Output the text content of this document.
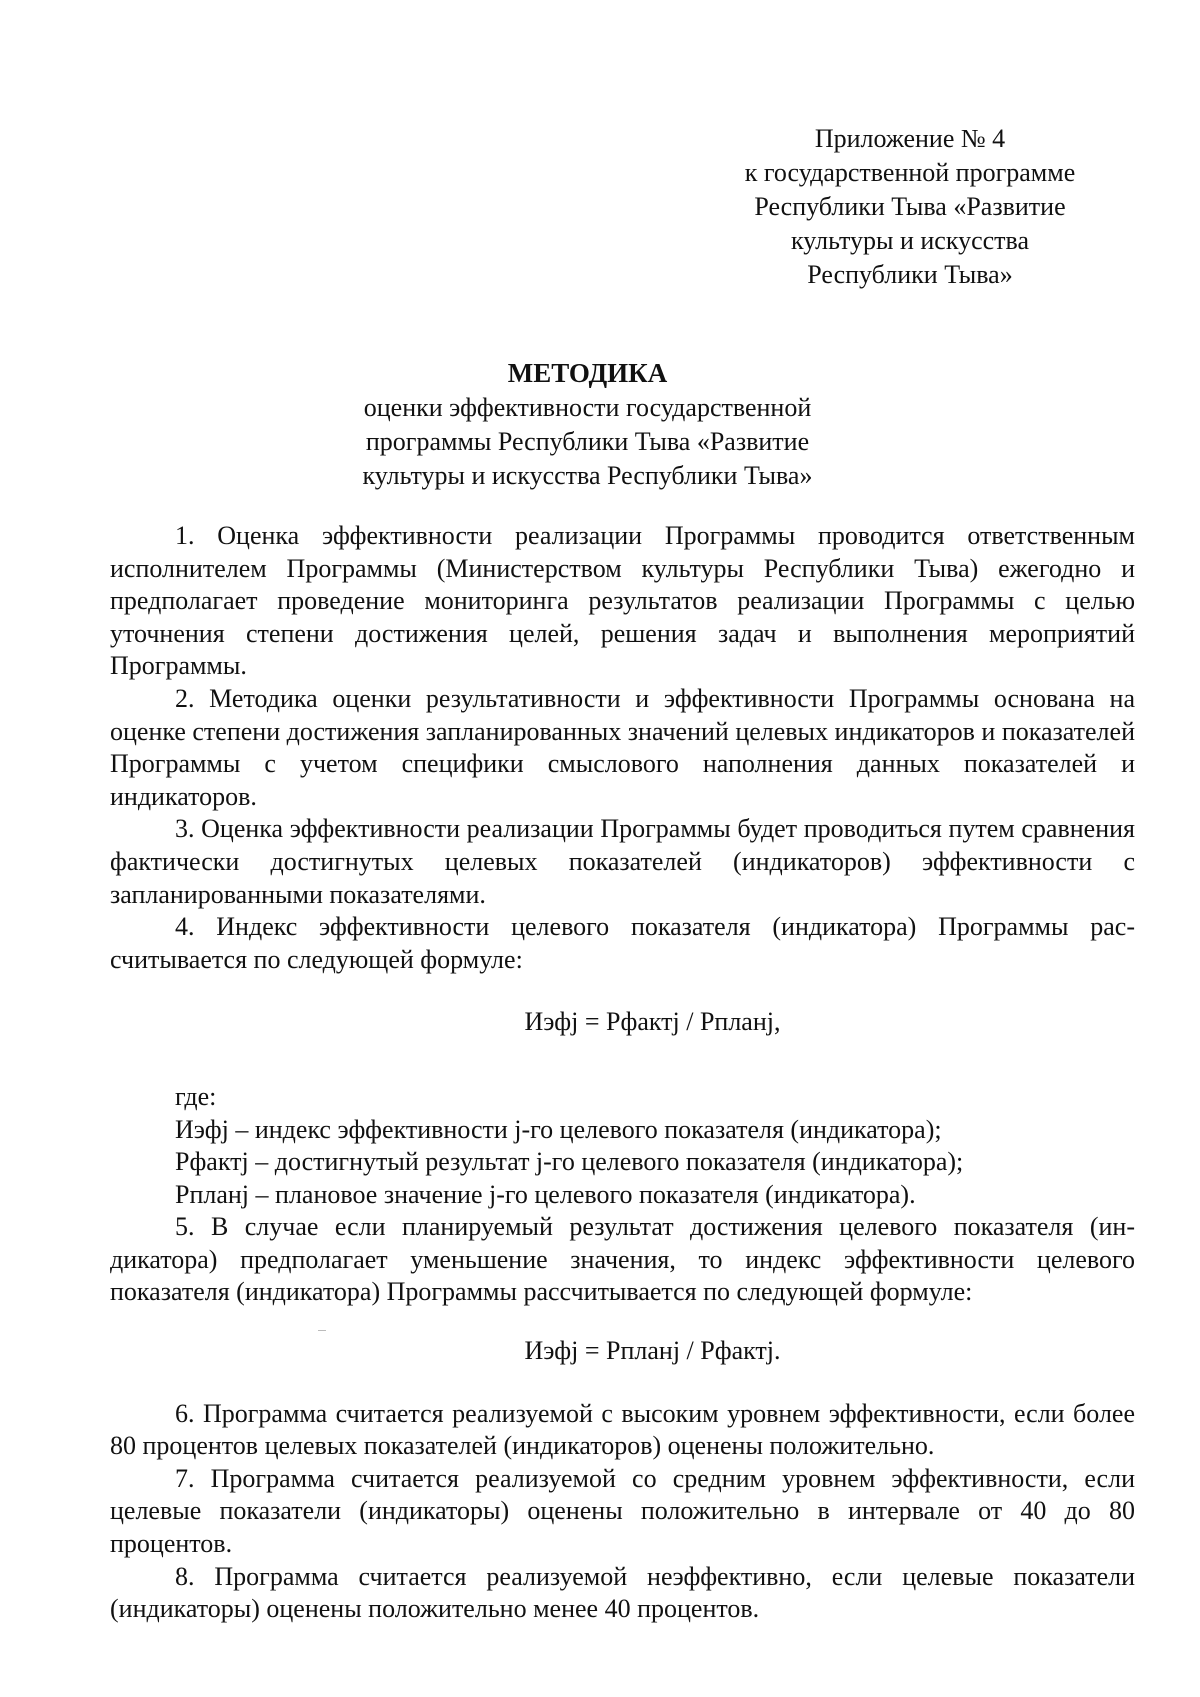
Приложение № 4
к государственной программе
Республики Тыва «Развитие
культуры и искусства
Республики Тыва»
МЕТОДИКА
оценки эффективности государственной
программы Республики Тыва «Развитие
культуры и искусства Республики Тыва»

1. Оценка эффективности реализации Программы проводится ответственным исполнителем Программы (Министерством культуры Республики Тыва) ежегодно и предполагает проведение мониторинга результатов реализации Программы с целью уточнения степени достижения целей, решения задач и выполнения мероприятий Программы.

2. Методика оценки результативности и эффективности Программы основана на оценке степени достижения запланированных значений целевых индикаторов и показателей Программы с учетом специфики смыслового наполнения данных показателей и индикаторов.

3. Оценка эффективности реализации Программы будет проводиться путем сравнения фактически достигнутых целевых показателей (индикаторов) эффективности с запланированными показателями.

4. Индекс эффективности целевого показателя (индикатора) Программы рассчитывается по следующей формуле:

Иэфj = Рфактj / Рпланj,
где:
Иэфj – индекс эффективности j-го целевого показателя (индикатора);
Рфактj – достигнутый результат j-го целевого показателя (индикатора);
Рпланj – плановое значение j-го целевого показателя (индикатора).

5. В случае если планируемый результат достижения целевого показателя (индикатора) предполагает уменьшение значения, то индекс эффективности целевого показателя (индикатора) Программы рассчитывается по следующей формуле:

Иэфj = Рпланj / Рфактj.

6. Программа считается реализуемой с высоким уровнем эффективности, если более 80 процентов целевых показателей (индикаторов) оценены положительно.

7. Программа считается реализуемой со средним уровнем эффективности, если целевые показатели (индикаторы) оценены положительно в интервале от 40 до 80 процентов.

8. Программа считается реализуемой неэффективно, если целевые показатели (индикаторы) оценены положительно менее 40 процентов.
